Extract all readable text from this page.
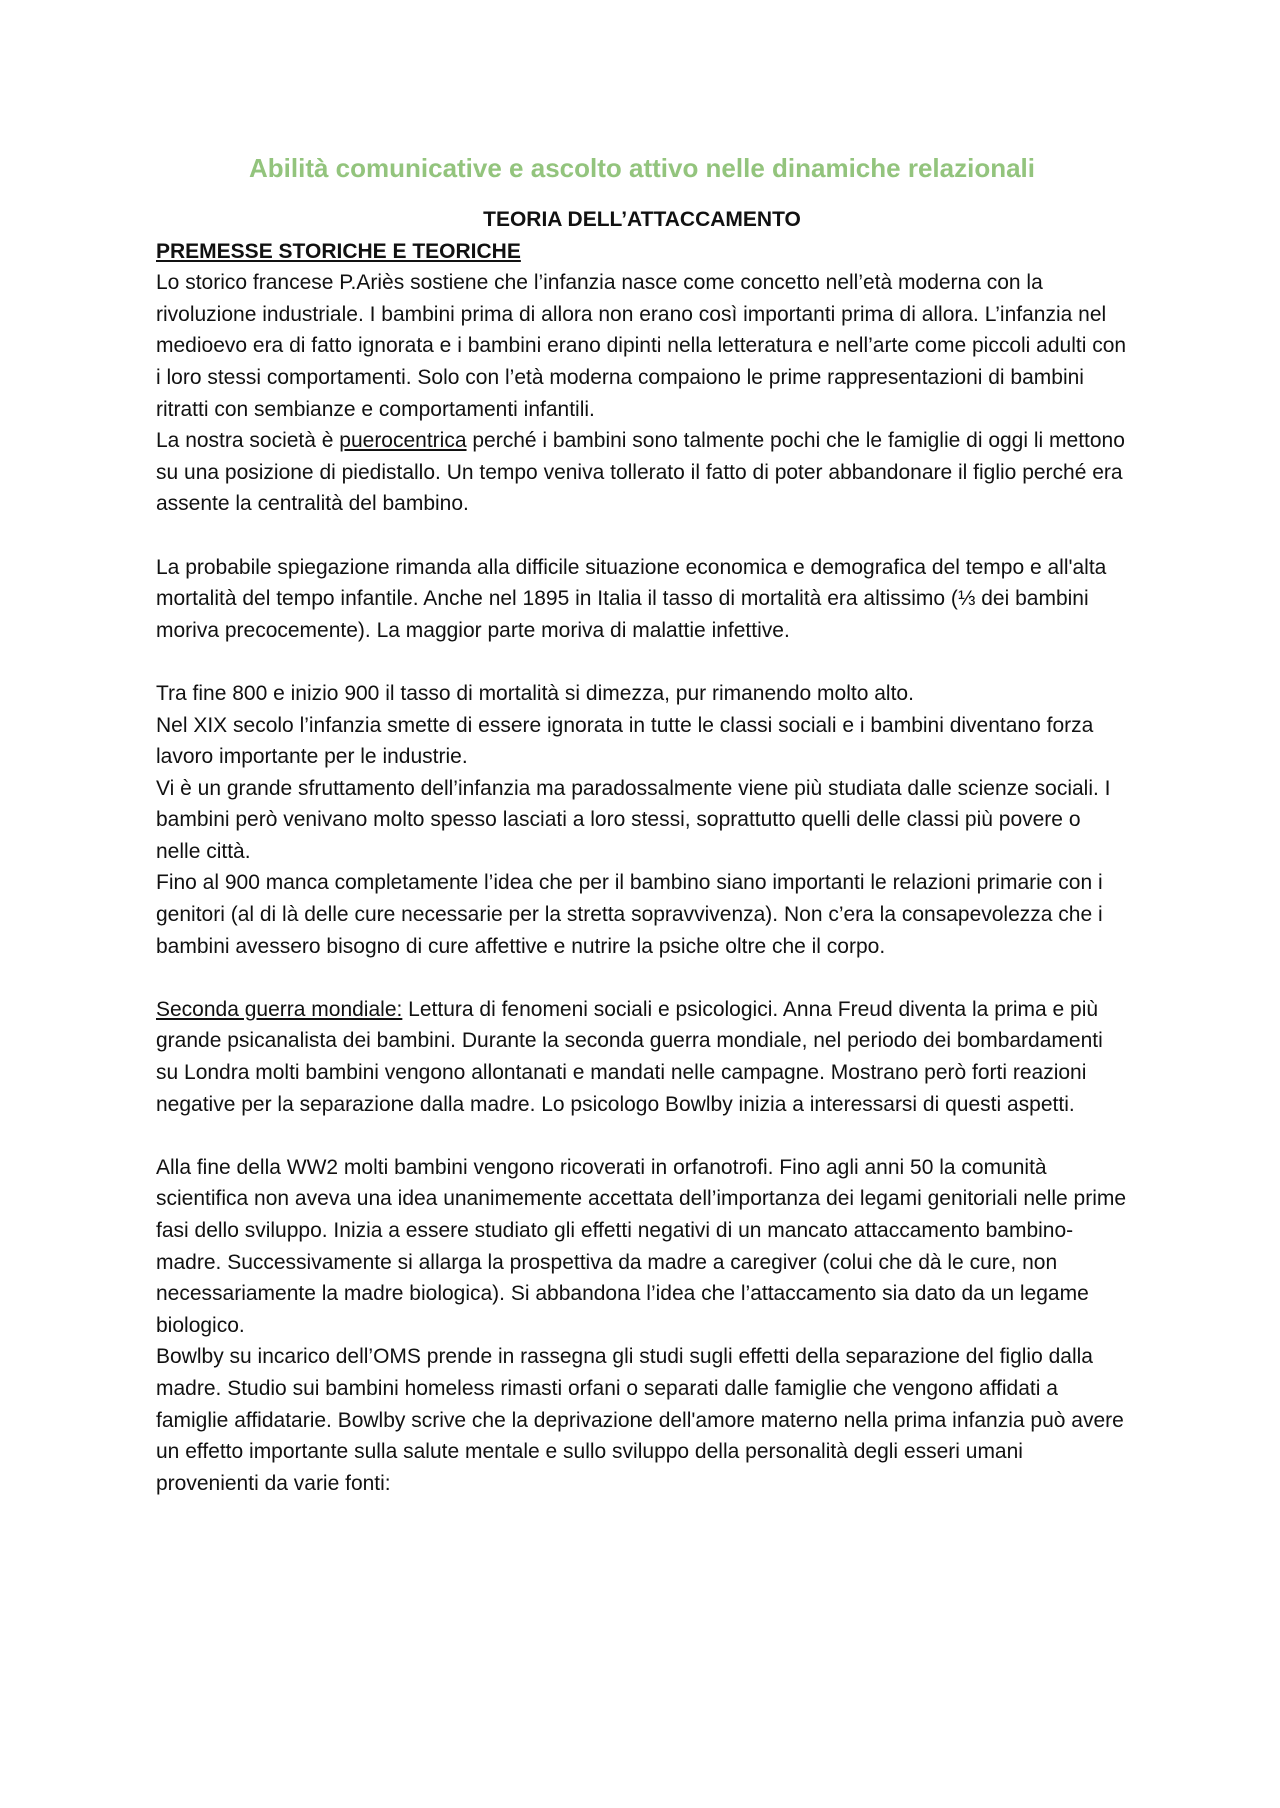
Abilità comunicative e ascolto attivo nelle dinamiche relazionali
TEORIA DELL’ATTACCAMENTO
PREMESSE STORICHE E TEORICHE

Lo storico francese P.Ariès sostiene che l’infanzia nasce come concetto nell’età moderna con la rivoluzione industriale. I bambini prima di allora non erano così importanti prima di allora. L’infanzia nel medioevo era di fatto ignorata e i bambini erano dipinti nella letteratura e nell’arte come piccoli adulti con i loro stessi comportamenti. Solo con l’età moderna compaiono le prime rappresentazioni di bambini ritratti con sembianze e comportamenti infantili.

La nostra società è puerocentrica perché i bambini sono talmente pochi che le famiglie di oggi li mettono su una posizione di piedistallo. Un tempo veniva tollerato il fatto di poter abbandonare il figlio perché era assente la centralità del bambino.

La probabile spiegazione rimanda alla difficile situazione economica e demografica del tempo e all'alta mortalità del tempo infantile. Anche nel 1895 in Italia il tasso di mortalità era altissimo (⅓ dei bambini moriva precocemente). La maggior parte moriva di malattie infettive.

Tra fine 800 e inizio 900 il tasso di mortalità si dimezza, pur rimanendo molto alto.

Nel XIX secolo l’infanzia smette di essere ignorata in tutte le classi sociali e i bambini diventano forza lavoro importante per le industrie.

Vi è un grande sfruttamento dell’infanzia ma paradossalmente viene più studiata dalle scienze sociali. I bambini però venivano molto spesso lasciati a loro stessi, soprattutto quelli delle classi più povere o nelle città.

Fino al 900 manca completamente l’idea che per il bambino siano importanti le relazioni primarie con i genitori (al di là delle cure necessarie per la stretta sopravvivenza). Non c’era la consapevolezza che i bambini avessero bisogno di cure affettive e nutrire la psiche oltre che il corpo.

Seconda guerra mondiale: Lettura di fenomeni sociali e psicologici. Anna Freud diventa la prima e più grande psicanalista dei bambini. Durante la seconda guerra mondiale, nel periodo dei bombardamenti su Londra molti bambini vengono allontanati e mandati nelle campagne. Mostrano però forti reazioni negative per la separazione dalla madre. Lo psicologo Bowlby inizia a interessarsi di questi aspetti.

Alla fine della WW2 molti bambini vengono ricoverati in orfanotrofi. Fino agli anni 50 la comunità scientifica non aveva una idea unanimemente accettata dell’importanza dei legami genitoriali nelle prime fasi dello sviluppo. Inizia a essere studiato gli effetti negativi di un mancato attaccamento bambino-madre. Successivamente si allarga la prospettiva da madre a caregiver (colui che dà le cure, non necessariamente la madre biologica). Si abbandona l’idea che l’attaccamento sia dato da un legame biologico.

Bowlby su incarico dell’OMS prende in rassegna gli studi sugli effetti della separazione del figlio dalla madre. Studio sui bambini homeless rimasti orfani o separati dalle famiglie che vengono affidati a famiglie affidatarie. Bowlby scrive che la deprivazione dell'amore materno nella prima infanzia può avere un effetto importante sulla salute mentale e sullo sviluppo della personalità degli esseri umani provenienti da varie fonti:
